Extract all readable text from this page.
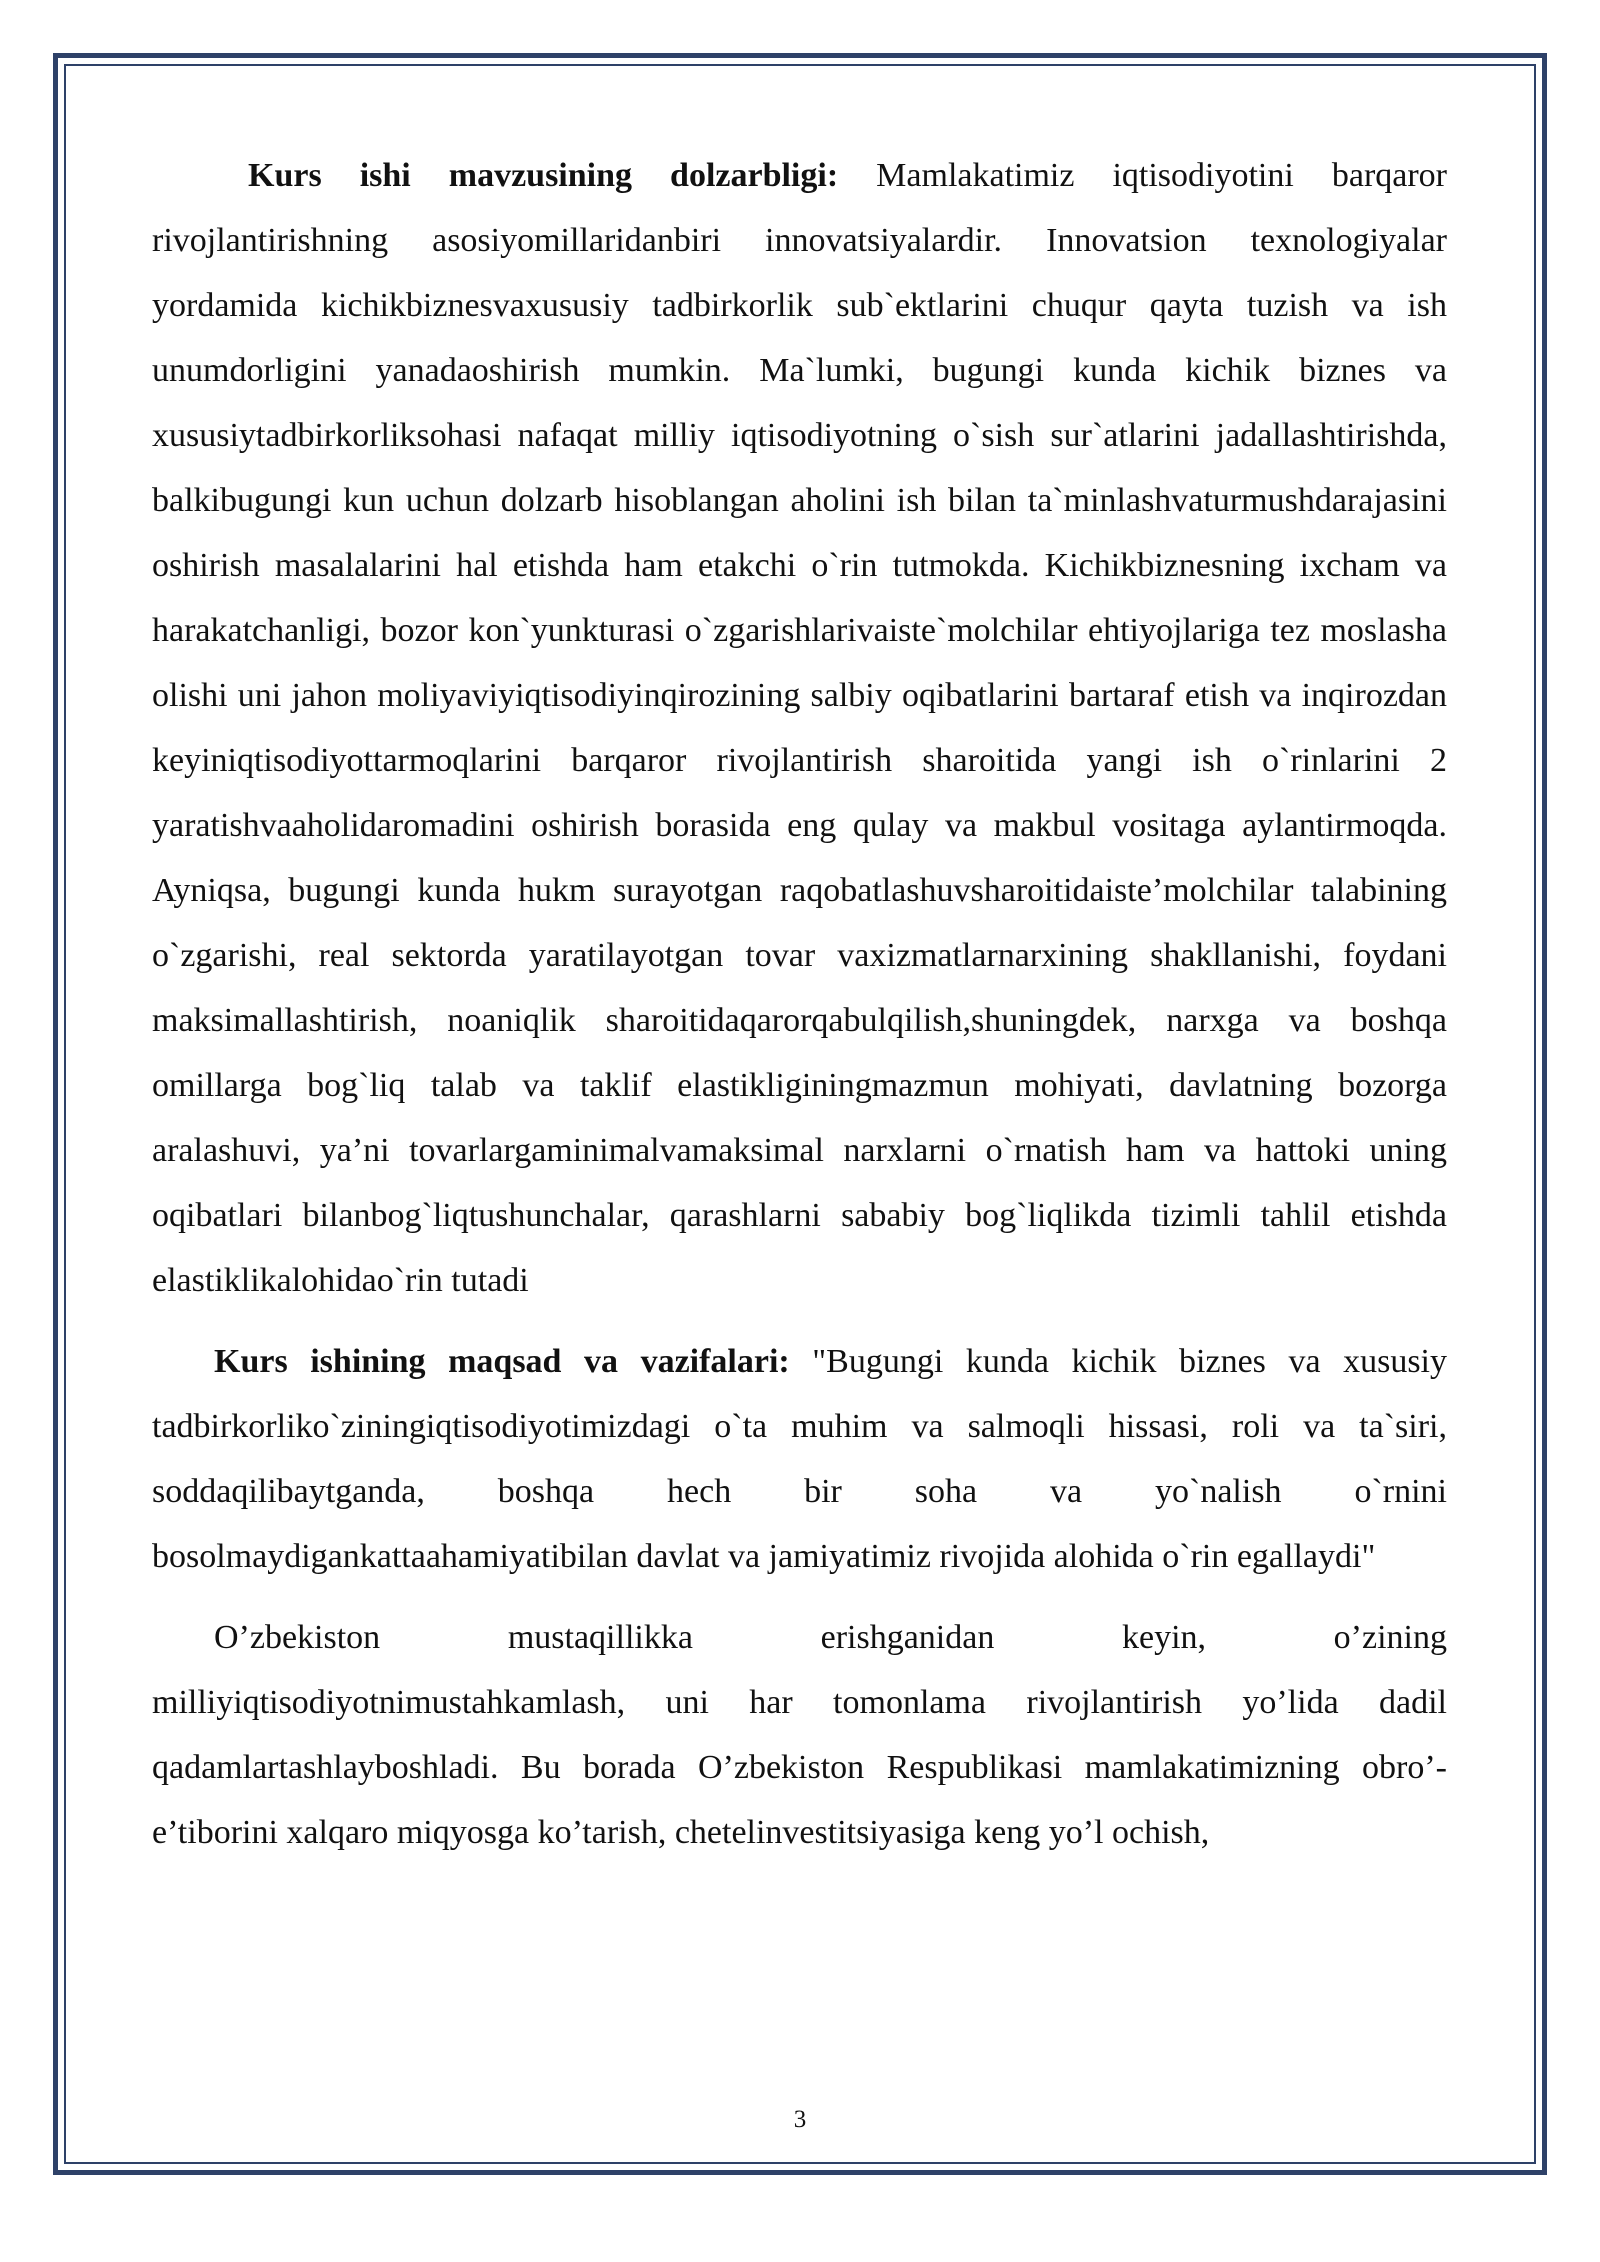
Kurs ishi mavzusining dolzarbligi: Mamlakatimiz iqtisodiyotini barqaror rivojlantirishning asosiyomillaridanbiri innovatsiyalardir. Innovatsion texnologiyalar yordamida kichikbiznesvaxususiy tadbirkorlik sub`ektlarini chuqur qayta tuzish va ish unumdorligini yanadaoshirish mumkin. Ma`lumki, bugungi kunda kichik biznes va xususiytadbirkorliksohasi nafaqat milliy iqtisodiyotning o`sish sur`atlarini jadallashtirishda, balkibugungi kun uchun dolzarb hisoblangan aholini ish bilan ta`minlashvaturmushdarajasini oshirish masalalarini hal etishda ham etakchi o`rin tutmokda. Kichikbiznesning ixcham va harakatchanligi, bozor kon`yunkturasi o`zgarishlarivaiste`molchilar ehtiyojlariga tez moslasha olishi uni jahon moliyaviyiqtisodiyinqirozining salbiy oqibatlarini bartaraf etish va inqirozdan keyiniqtisodiyottarmoqlarini barqaror rivojlantirish sharoitida yangi ish o`rinlarini 2 yaratishvaaholidaromadini oshirish borasida eng qulay va makbul vositaga aylantirmoqda. Ayniqsa, bugungi kunda hukm surayotgan raqobatlashuvsharoitidaiste’molchilar talabining o`zgarishi, real sektorda yaratilayotgan tovar vaxizmatlarnarxining shakllanishi, foydani maksimallashtirish, noaniqlik sharoitidaqarorqabulqilish,shuningdek, narxga va boshqa omillarga bog`liq talab va taklif elastikliginingmazmun mohiyati, davlatning bozorga aralashuvi, ya’ni tovarlargaminimalvamaksimal narxlarni o`rnatish ham va hattoki uning oqibatlari bilanbog`liqtushunchalar, qarashlarni sababiy bog`liqlikda tizimli tahlil etishda elastiklikalohidao`rin tutadi

Kurs ishining maqsad va vazifalari: "Bugungi kunda kichik biznes va xususiy tadbirkorliko`ziningiqtisodiyotimizdagi o`ta muhim va salmoqli hissasi, roli va ta`siri, soddaqilibaytganda, boshqa hech bir soha va yo`nalish o`rnini bosolmaydigankattaahamiyatibilan davlat va jamiyatimiz rivojida alohida o`rin egallaydi"

O’zbekiston mustaqillikka erishganidan keyin, o’zining milliyiqtisodiyotnimustahkamlash, uni har tomonlama rivojlantirish yo’lida dadil qadamlartashlayboshladi. Bu borada O’zbekiston Respublikasi mamlakatimizning obro’-e’tiborini xalqaro miqyosga ko’tarish, chetelinvestitsiyasiga keng yo’l ochish,

3
